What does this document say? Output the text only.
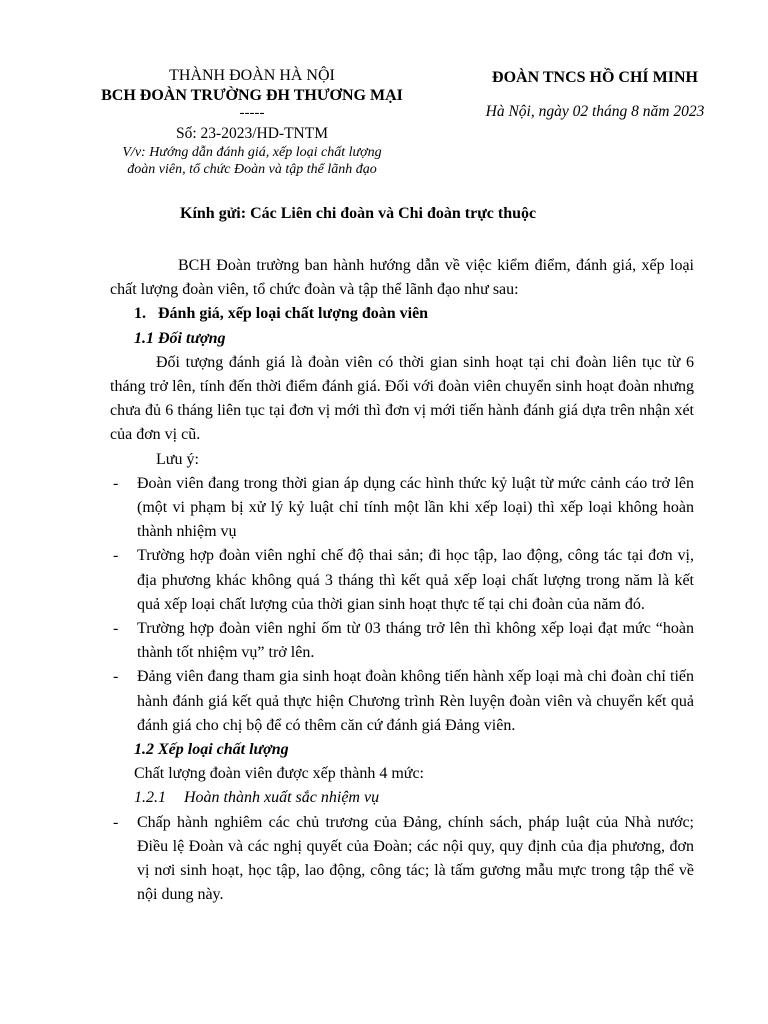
THÀNH ĐOÀN HÀ NỘI
BCH ĐOÀN TRƯỜNG ĐH THƯƠNG MẠI
-----
Số: 23-2023/HD-TNTM
V/v: Hướng dẫn đánh giá, xếp loại chất lượng
đoàn viên, tổ chức Đoàn và tập thể lãnh đạo
ĐOÀN TNCS HỒ CHÍ MINH
Hà Nội, ngày 02 tháng 8 năm 2023
Kính gửi: Các Liên chi đoàn và Chi đoàn trực thuộc

BCH Đoàn trường ban hành hướng dẫn về việc kiểm điểm, đánh giá, xếp loại chất lượng đoàn viên, tổ chức đoàn và tập thể lãnh đạo như sau:

1. Đánh giá, xếp loại chất lượng đoàn viên

1.1 Đối tượng

Đối tượng đánh giá là đoàn viên có thời gian sinh hoạt tại chi đoàn liên tục từ 6 tháng trở lên, tính đến thời điểm đánh giá. Đối với đoàn viên chuyển sinh hoạt đoàn nhưng chưa đủ 6 tháng liên tục tại đơn vị mới thì đơn vị mới tiến hành đánh giá dựa trên nhận xét của đơn vị cũ.

Lưu ý:

- Đoàn viên đang trong thời gian áp dụng các hình thức kỷ luật từ mức cảnh cáo trở lên (một vi phạm bị xử lý kỷ luật chỉ tính một lần khi xếp loại) thì xếp loại không hoàn thành nhiệm vụ

- Trường hợp đoàn viên nghỉ chế độ thai sản; đi học tập, lao động, công tác tại đơn vị, địa phương khác không quá 3 tháng thì kết quả xếp loại chất lượng trong năm là kết quả xếp loại chất lượng của thời gian sinh hoạt thực tế tại chi đoàn của năm đó.

- Trường hợp đoàn viên nghỉ ốm từ 03 tháng trở lên thì không xếp loại đạt mức “hoàn thành tốt nhiệm vụ” trở lên.

- Đảng viên đang tham gia sinh hoạt đoàn không tiến hành xếp loại mà chi đoàn chỉ tiến hành đánh giá kết quả thực hiện Chương trình Rèn luyện đoàn viên và chuyển kết quả đánh giá cho chị bộ để có thêm căn cứ đánh giá Đảng viên.

1.2 Xếp loại chất lượng

Chất lượng đoàn viên được xếp thành 4 mức:

1.2.1 Hoàn thành xuất sắc nhiệm vụ

- Chấp hành nghiêm các chủ trương của Đảng, chính sách, pháp luật của Nhà nước; Điều lệ Đoàn và các nghị quyết của Đoàn; các nội quy, quy định của địa phương, đơn vị nơi sinh hoạt, học tập, lao động, công tác; là tấm gương mẫu mực trong tập thể về nội dung này.
